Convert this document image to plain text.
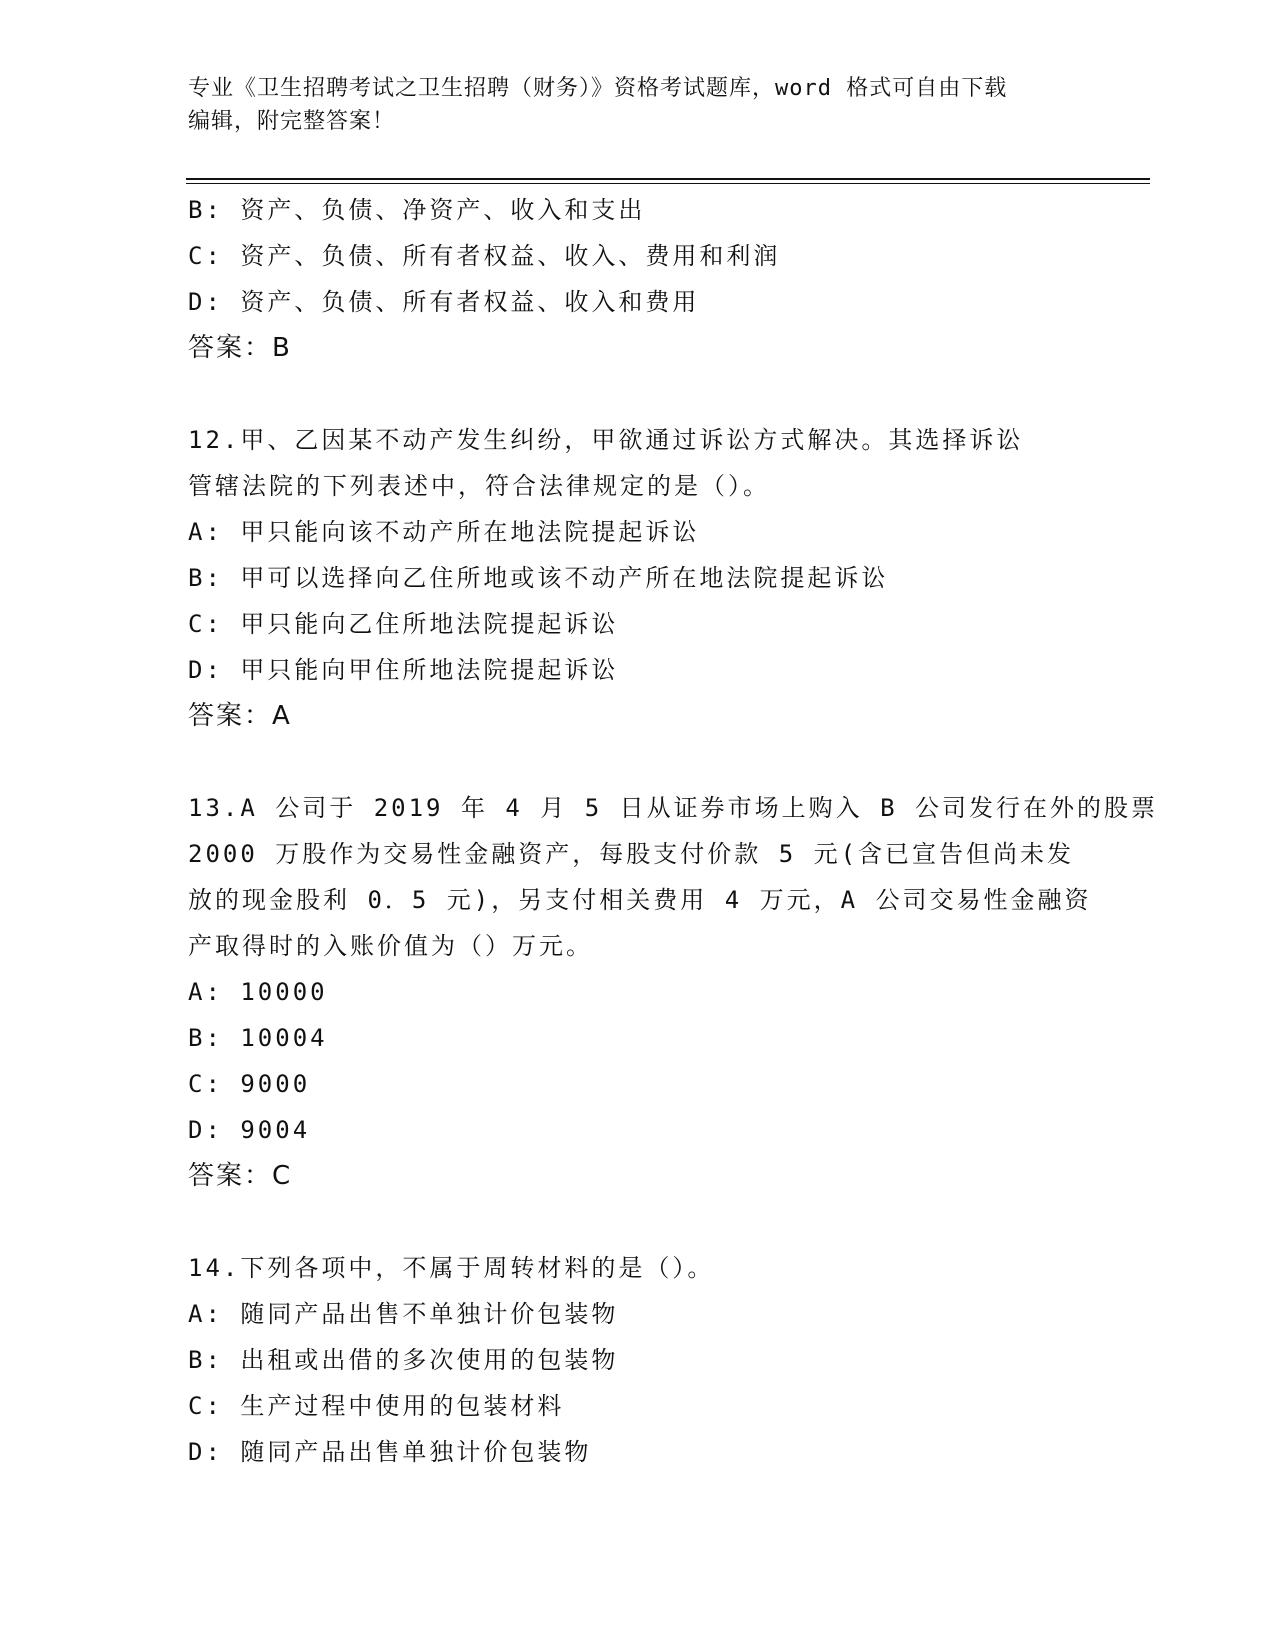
专业《卫生招聘考试之卫生招聘（财务）》资格考试题库，word 格式可自由下载
编辑，附完整答案！
B: 资产、负债、净资产、收入和支出
C: 资产、负债、所有者权益、收入、费用和利润
D: 资产、负债、所有者权益、收入和费用
答案：B
12.甲、乙因某不动产发生纠纷，甲欲通过诉讼方式解决。其选择诉讼
管辖法院的下列表述中，符合法律规定的是（）。
A: 甲只能向该不动产所在地法院提起诉讼
B: 甲可以选择向乙住所地或该不动产所在地法院提起诉讼
C: 甲只能向乙住所地法院提起诉讼
D: 甲只能向甲住所地法院提起诉讼
答案：A
13.A 公司于 2019 年 4 月 5 日从证券市场上购入 B 公司发行在外的股票
2000 万股作为交易性金融资产，每股支付价款 5 元(含已宣告但尚未发
放的现金股利 0．5 元)，另支付相关费用 4 万元，A 公司交易性金融资
产取得时的入账价值为（）万元。
A: 10000
B: 10004
C: 9000
D: 9004
答案：C
14.下列各项中，不属于周转材料的是（）。
A: 随同产品出售不单独计价包装物
B: 出租或出借的多次使用的包装物
C: 生产过程中使用的包装材料
D: 随同产品出售单独计价包装物
